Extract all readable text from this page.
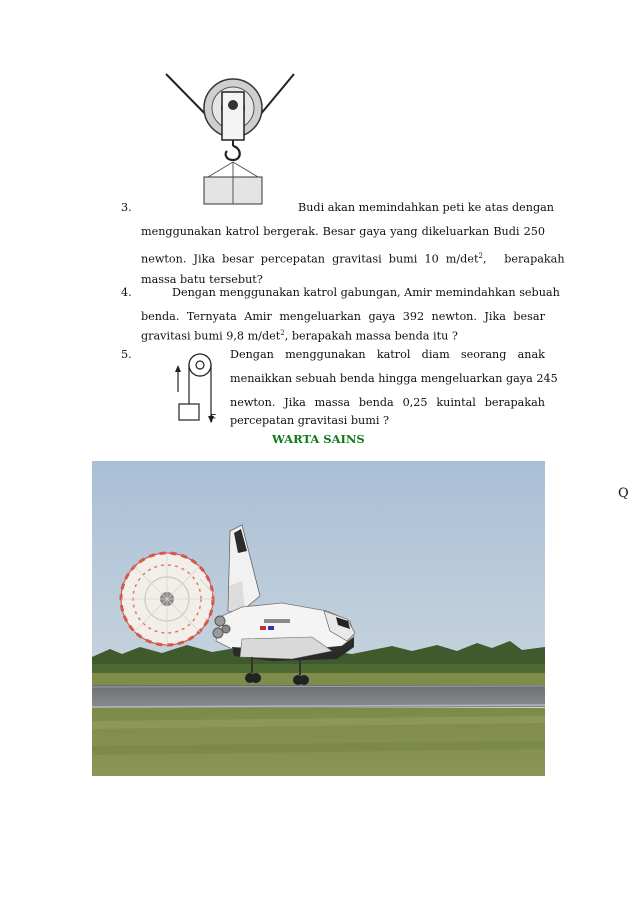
3.	Budi akan memindahkan peti ke atas dengan
menggunakan katrol bergerak. Besar gaya yang dikeluarkan Budi 250
newton.  Jika  besar  percepatan  gravitasi  bumi  10  $m/\det^2$,     berapakah
massa batu tersebut?
4.	Dengan menggunakan katrol gabungan, Amir memindahkan sebuah
benda. Ternyata Amir mengeluarkan gaya 392 newton. Jika besar
gravitasi bumi 9,8 $m/\det^2$, berapakah massa benda itu ?
5.
F
Dengan menggunakan katrol diam seorang anak
menaikkan sebuah benda hingga mengeluarkan gaya 245
newton. Jika massa benda 0,25 kuintal berapakah
percepatan gravitasi bumi ?
WARTA SAINS
Q
